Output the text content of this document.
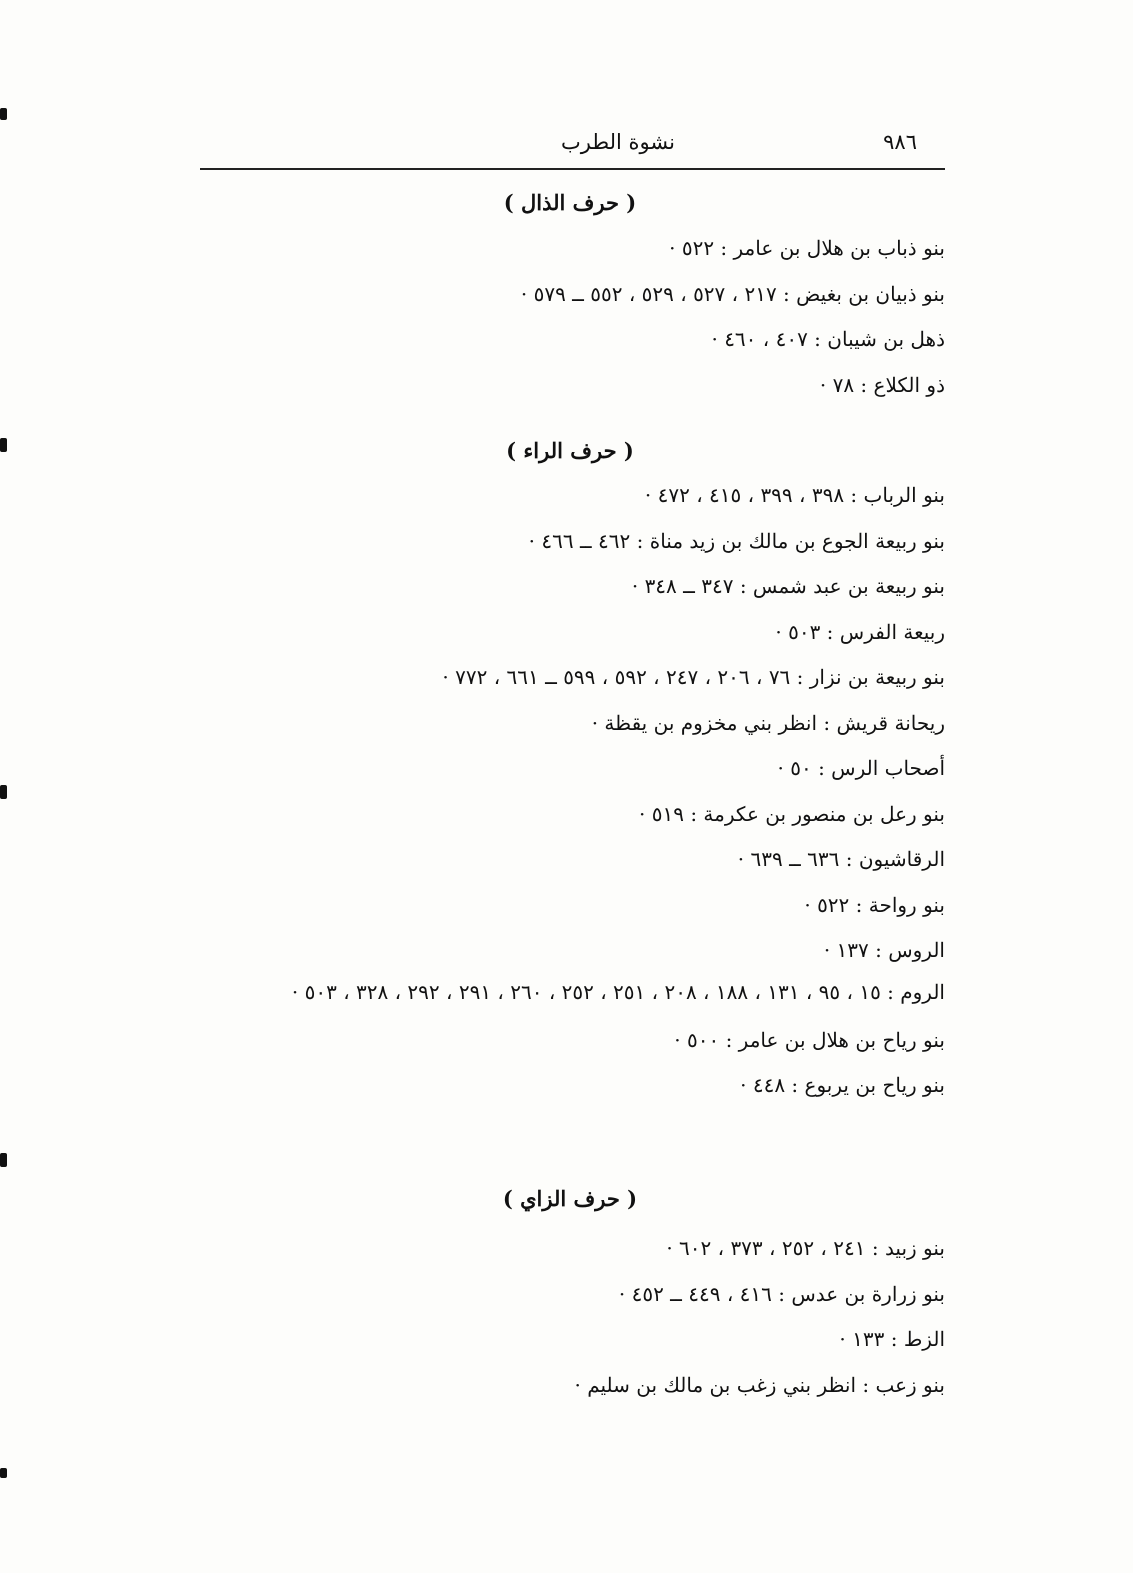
نشوة الطرب	٩٨٦
( حرف الذال )
بنو ذباب بن هلال بن عامر : ٥٢٢ ·
بنو ذبيان بن بغيض : ٢١٧ ، ٥٢٧ ، ٥٢٩ ، ٥٥٢ ــ ٥٧٩ ·
ذهل بن شيبان : ٤٠٧ ، ٤٦٠ ·
ذو الكلاع : ٧٨ ·
( حرف الراء )
بنو الرباب : ٣٩٨ ، ٣٩٩ ، ٤١٥ ، ٤٧٢ ·
بنو ربيعة الجوع بن مالك بن زيد مناة : ٤٦٢ ــ ٤٦٦ ·
بنو ربيعة بن عبد شمس : ٣٤٧ ــ ٣٤٨ ·
ربيعة الفرس : ٥٠٣ ·
بنو ربيعة بن نزار : ٧٦ ، ٢٠٦ ، ٢٤٧ ، ٥٩٢ ، ٥٩٩ ــ ٦٦١ ، ٧٧٢ ·
ريحانة قريش : انظر بني مخزوم بن يقظة ·
أصحاب الرس : ٥٠ ·
بنو رعل بن منصور بن عكرمة : ٥١٩ ·
الرقاشيون : ٦٣٦ ــ ٦٣٩ ·
بنو رواحة : ٥٢٢ ·
الروس : ١٣٧ ·
الروم : ١٥ ، ٩٥ ، ١٣١ ، ١٨٨ ، ٢٠٨ ، ٢٥١ ، ٢٥٢ ، ٢٦٠ ، ٢٩١ ، ٢٩٢ ، ٣٢٨ ، ٥٠٣ ·
بنو رياح بن هلال بن عامر : ٥٠٠ ·
بنو رياح بن يربوع : ٤٤٨ ·
( حرف الزاي )
بنو زبيد : ٢٤١ ، ٢٥٢ ، ٣٧٣ ، ٦٠٢ ·
بنو زرارة بن عدس : ٤١٦ ، ٤٤٩ ــ ٤٥٢ ·
الزط : ١٣٣ ·
بنو زعب : انظر بني زغب بن مالك بن سليم ·
